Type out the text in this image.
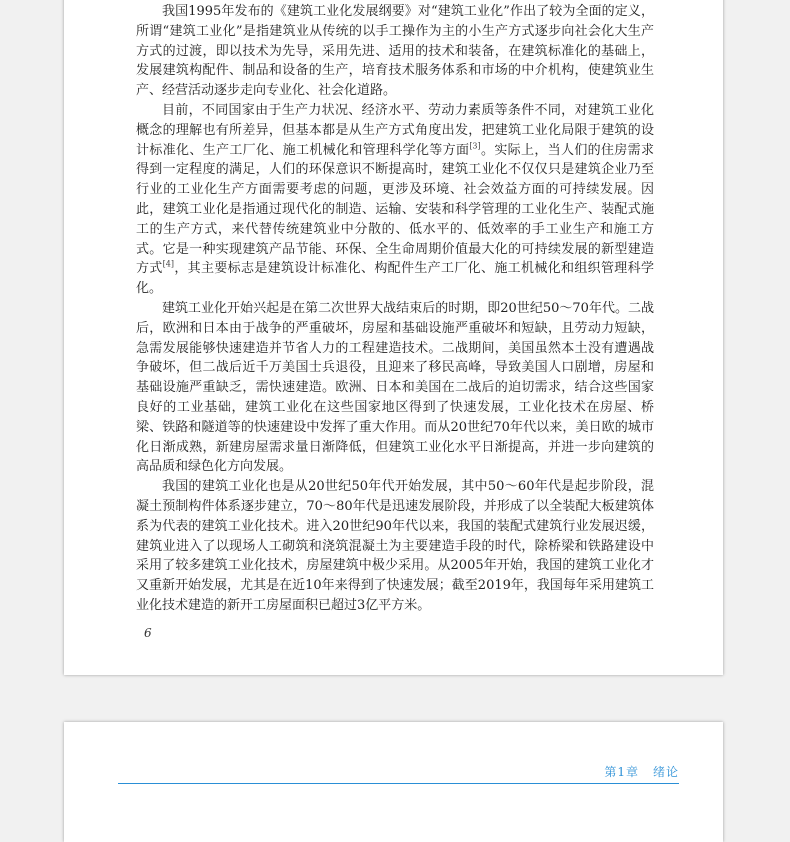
我国1995年发布的《建筑工业化发展纲要》对“建筑工业化”作出了较为全面的定义，所谓“建筑工业化”是指建筑业从传统的以手工操作为主的小生产方式逐步向社会化大生产方式的过渡，即以技术为先导，采用先进、适用的技术和装备，在建筑标准化的基础上，发展建筑构配件、制品和设备的生产，培育技术服务体系和市场的中介机构，使建筑业生产、经营活动逐步走向专业化、社会化道路。

目前，不同国家由于生产力状况、经济水平、劳动力素质等条件不同，对建筑工业化概念的理解也有所差异，但基本都是从生产方式角度出发，把建筑工业化局限于建筑的设计标准化、生产工厂化、施工机械化和管理科学化等方面[3]。实际上，当人们的住房需求得到一定程度的满足，人们的环保意识不断提高时，建筑工业化不仅仅只是建筑企业乃至行业的工业化生产方面需要考虑的问题，更涉及环境、社会效益方面的可持续发展。因此，建筑工业化是指通过现代化的制造、运输、安装和科学管理的工业化生产、装配式施工的生产方式，来代替传统建筑业中分散的、低水平的、低效率的手工业生产和施工方式。它是一种实现建筑产品节能、环保、全生命周期价值最大化的可持续发展的新型建造方式[4]，其主要标志是建筑设计标准化、构配件生产工厂化、施工机械化和组织管理科学化。

建筑工业化开始兴起是在第二次世界大战结束后的时期，即20世纪50～70年代。二战后，欧洲和日本由于战争的严重破坏，房屋和基础设施严重破坏和短缺，且劳动力短缺，急需发展能够快速建造并节省人力的工程建造技术。二战期间，美国虽然本土没有遭遇战争破坏，但二战后近千万美国士兵退役，且迎来了移民高峰，导致美国人口剧增，房屋和基础设施严重缺乏，需快速建造。欧洲、日本和美国在二战后的迫切需求，结合这些国家良好的工业基础，建筑工业化在这些国家地区得到了快速发展，工业化技术在房屋、桥梁、铁路和隧道等的快速建设中发挥了重大作用。而从20世纪70年代以来，美日欧的城市化日渐成熟，新建房屋需求量日渐降低，但建筑工业化水平日渐提高，并进一步向建筑的高品质和绿色化方向发展。

我国的建筑工业化也是从20世纪50年代开始发展，其中50～60年代是起步阶段，混凝土预制构件体系逐步建立，70～80年代是迅速发展阶段，并形成了以全装配大板建筑体系为代表的建筑工业化技术。进入20世纪90年代以来，我国的装配式建筑行业发展迟缓，建筑业进入了以现场人工砌筑和浇筑混凝土为主要建造手段的时代，除桥梁和铁路建设中采用了较多建筑工业化技术，房屋建筑中极少采用。从2005年开始，我国的建筑工业化才又重新开始发展，尤其是在近10年来得到了快速发展；截至2019年，我国每年采用建筑工业化技术建造的新开工房屋面积已超过3亿平方米。

6
第1章 绪论
